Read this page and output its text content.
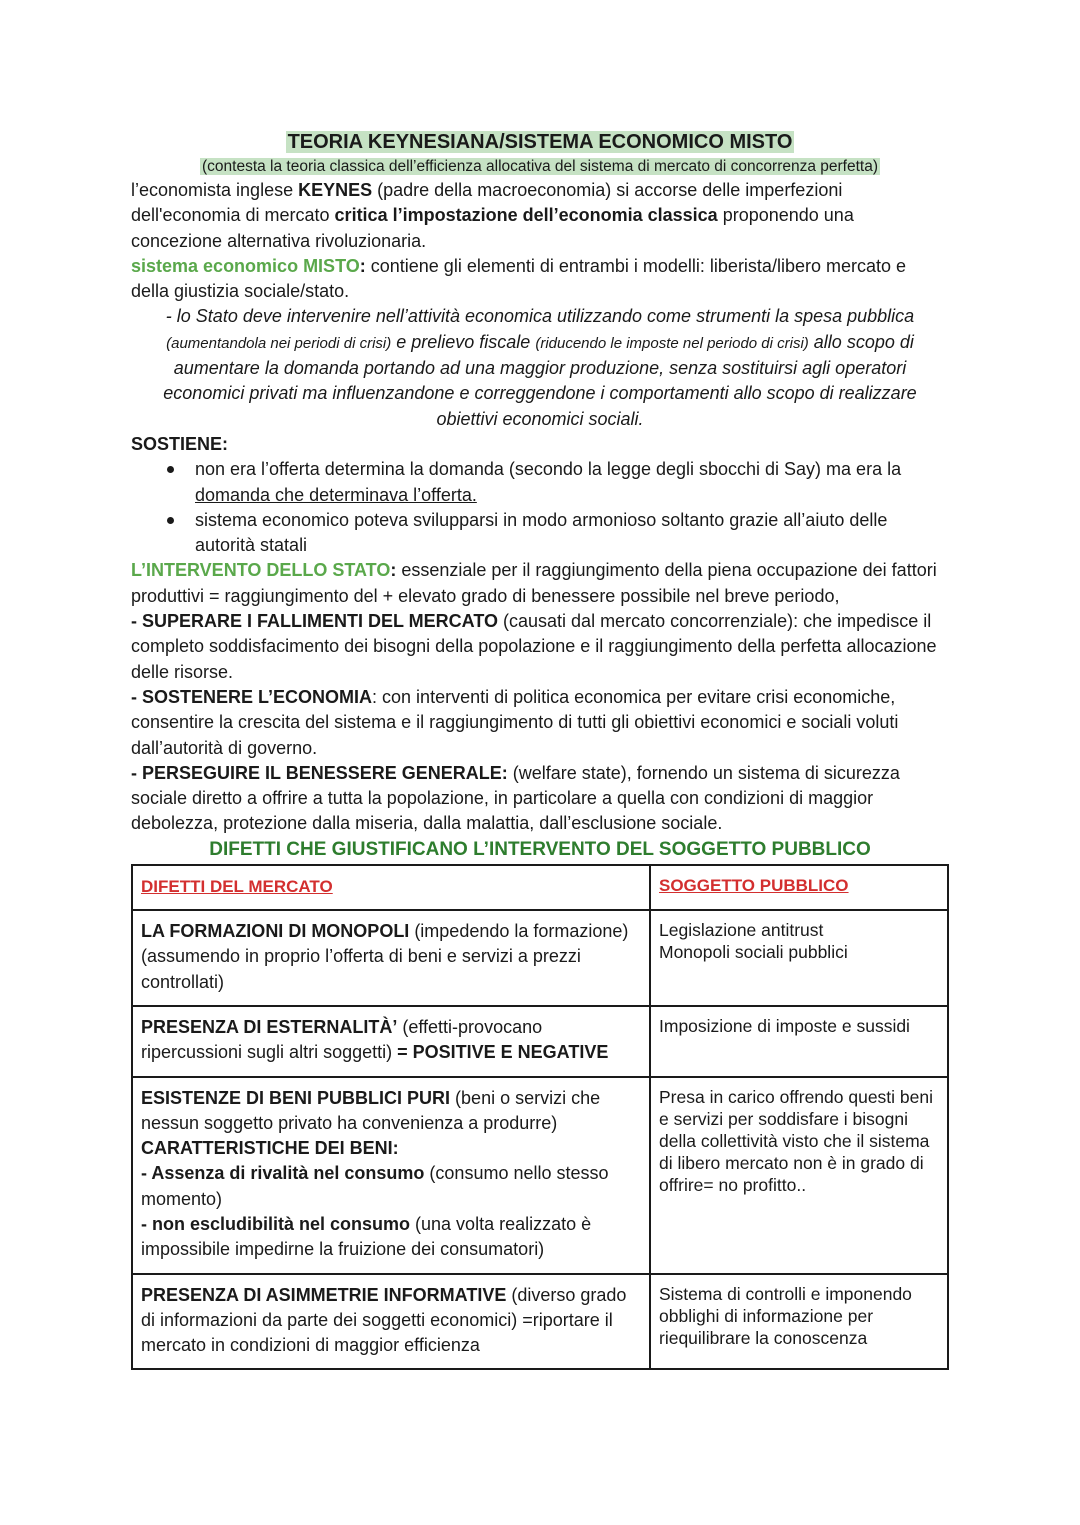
TEORIA KEYNESIANA/SISTEMA ECONOMICO MISTO

(contesta la teoria classica dell’efficienza allocativa del sistema di mercato di concorrenza perfetta)

l’economista inglese KEYNES (padre della macroeconomia) si accorse delle imperfezioni dell'economia di mercato critica l’impostazione dell’economia classica proponendo una concezione alternativa rivoluzionaria.

sistema economico MISTO: contiene gli elementi di entrambi i modelli: liberista/libero mercato e della giustizia sociale/stato.

- lo Stato deve intervenire nell’attività economica utilizzando come strumenti la spesa pubblica (aumentandola nei periodi di crisi) e prelievo fiscale (riducendo le imposte nel periodo di crisi) allo scopo di aumentare la domanda portando ad una maggior produzione, senza sostituirsi agli operatori economici privati ma influenzandone e correggendone i comportamenti allo scopo di realizzare obiettivi economici sociali.

SOSTIENE:

non era l’offerta determina la domanda (secondo la legge degli sbocchi di Say) ma era la domanda che determinava l’offerta.
sistema economico poteva svilupparsi in modo armonioso soltanto grazie all’aiuto delle autorità statali

L’INTERVENTO DELLO STATO: essenziale per il raggiungimento della piena occupazione dei fattori produttivi = raggiungimento del + elevato grado di benessere possibile nel breve periodo,

- SUPERARE I FALLIMENTI DEL MERCATO (causati dal mercato concorrenziale): che impedisce il completo soddisfacimento dei bisogni della popolazione e il raggiungimento della perfetta allocazione delle risorse.

- SOSTENERE L’ECONOMIA: con interventi di politica economica per evitare crisi economiche, consentire la crescita del sistema e il raggiungimento di tutti gli obiettivi economici e sociali voluti dall’autorità di governo.

- PERSEGUIRE IL BENESSERE GENERALE: (welfare state), fornendo un sistema di sicurezza sociale diretto a offrire a tutta la popolazione, in particolare a quella con condizioni di maggior debolezza, protezione dalla miseria, dalla malattia, dall’esclusione sociale.

DIFETTI CHE GIUSTIFICANO L’INTERVENTO DEL SOGGETTO PUBBLICO

DIFETTI DEL MERCATO	SOGGETTO PUBBLICO
LA FORMAZIONI DI MONOPOLI (impedendo la formazione) (assumendo in proprio l’offerta di beni e servizi a prezzi controllati)	Legislazione antitrust
Monopoli sociali pubblici

PRESENZA DI ESTERNALITÀ’ (effetti-provocano ripercussioni sugli altri soggetti) = POSITIVE E NEGATIVE	Imposizione di imposte e sussidi
ESISTENZE DI BENI PUBBLICI PURI (beni o servizi che nessun soggetto privato ha convenienza a produrre)
CARATTERISTICHE DEI BENI:
- Assenza di rivalità nel consumo (consumo nello stesso momento)
- non escludibilità nel consumo (una volta realizzato è impossibile impedirne la fruizione dei consumatori)	Presa in carico offrendo questi beni e servizi per soddisfare i bisogni della collettività visto che il sistema di libero mercato non è in grado di offrire= no profitto..
PRESENZA DI ASIMMETRIE INFORMATIVE (diverso grado di informazioni da parte dei soggetti economici) =riportare il mercato in condizioni di maggior efficienza	Sistema di controlli e imponendo obblighi di informazione per riequilibrare la conoscenza
